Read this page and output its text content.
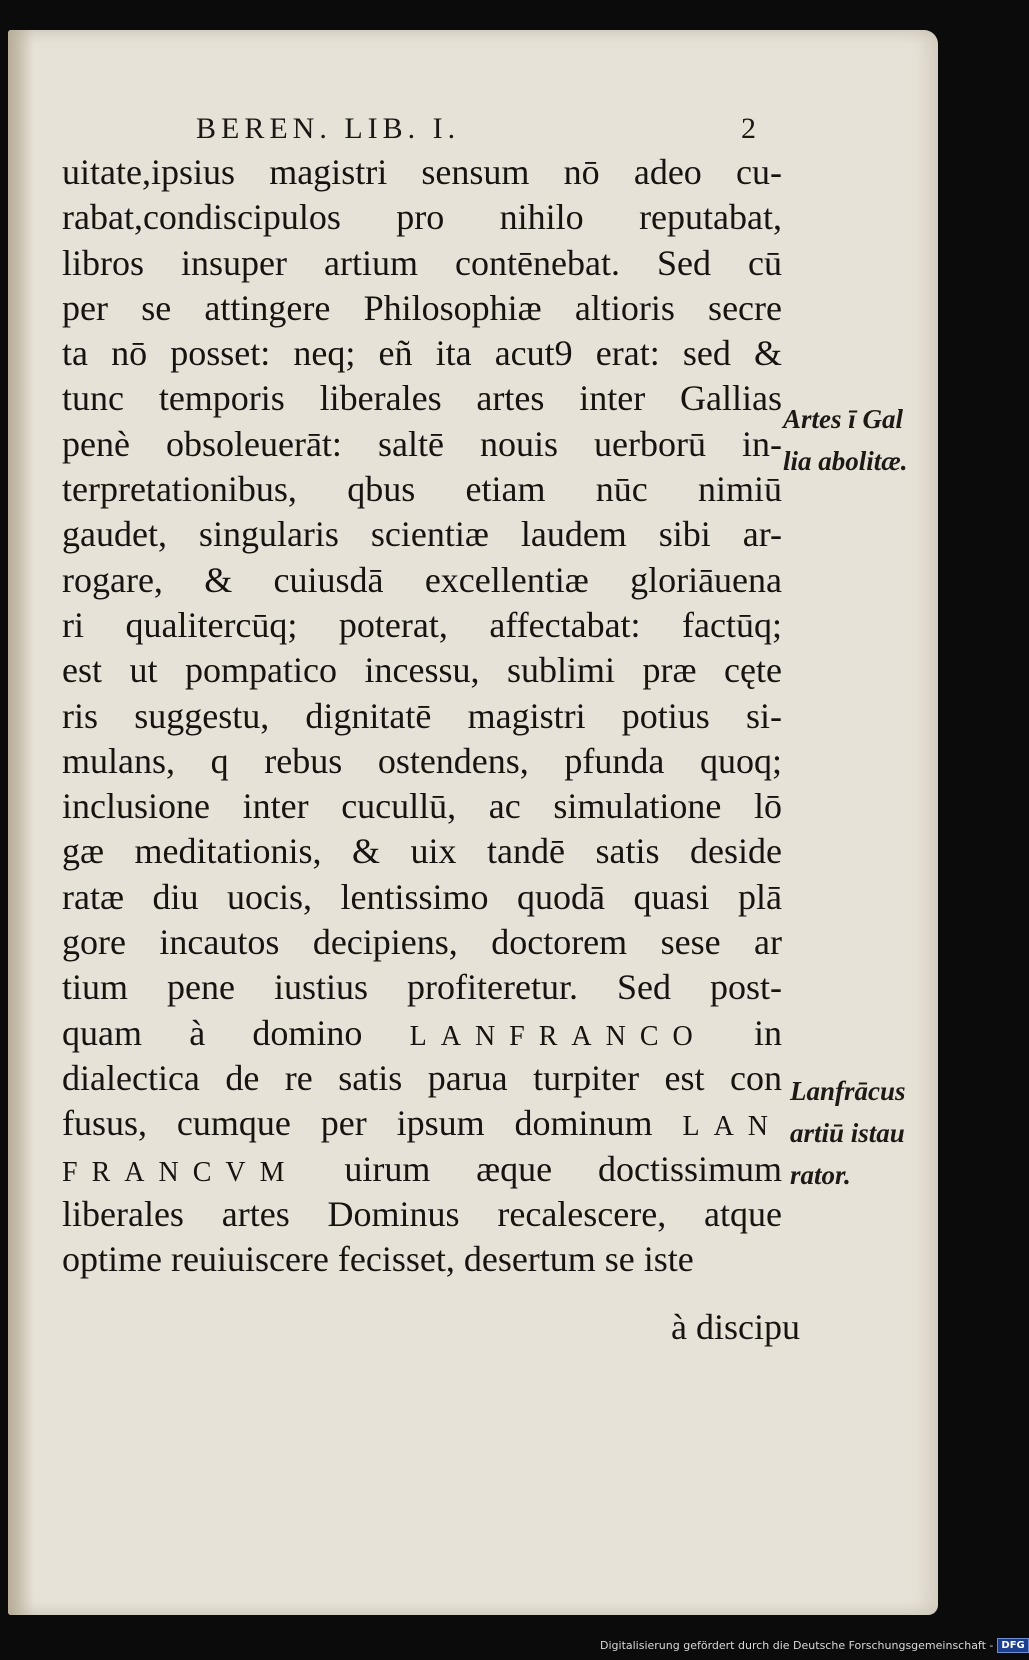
BEREN. LIB. I.	2
uitate,ipsius magistri sensum nō adeo cu-
rabat,condiscipulos pro nihilo reputabat,
libros insuper artium contēnebat. Sed cū
per se attingere Philosophiæ altioris secre
ta nō posset: neq; eñ ita acut9 erat: sed &
tunc temporis liberales artes inter Gallias
penè obsoleuerāt: saltē nouis uerborū in-
terpretationibus, qbus etiam nūc nimiū
gaudet, singularis scientiæ laudem sibi ar-
rogare, & cuiusdā excellentiæ gloriāuena
ri qualitercūq; poterat, affectabat: factūq;
est ut pompatico incessu, sublimi præ cęte
ris suggestu, dignitatē magistri potius si-
mulans, q rebus ostendens, pfunda quoq;
inclusione inter cucullū, ac simulatione lō
gæ meditationis, & uix tandē satis deside
ratæ diu uocis, lentissimo quodā quasi plā
gore incautos decipiens, doctorem sese ar
tium pene iustius profiteretur. Sed post-
quam à domino LANFRANCO in
dialectica de re satis parua turpiter est con
fusus, cumque per ipsum dominum LAN
FRANCVM uirum æque doctissimum
liberales artes Dominus recalescere, atque
optime reuiuiscere fecisset, desertum se iste
à discipu
Artes ī Gal
lia abolitæ.
Lanfrācus
artiū istau
rator.
Digitalisierung gefördert durch die Deutsche Forschungsgemeinschaft - DFG
